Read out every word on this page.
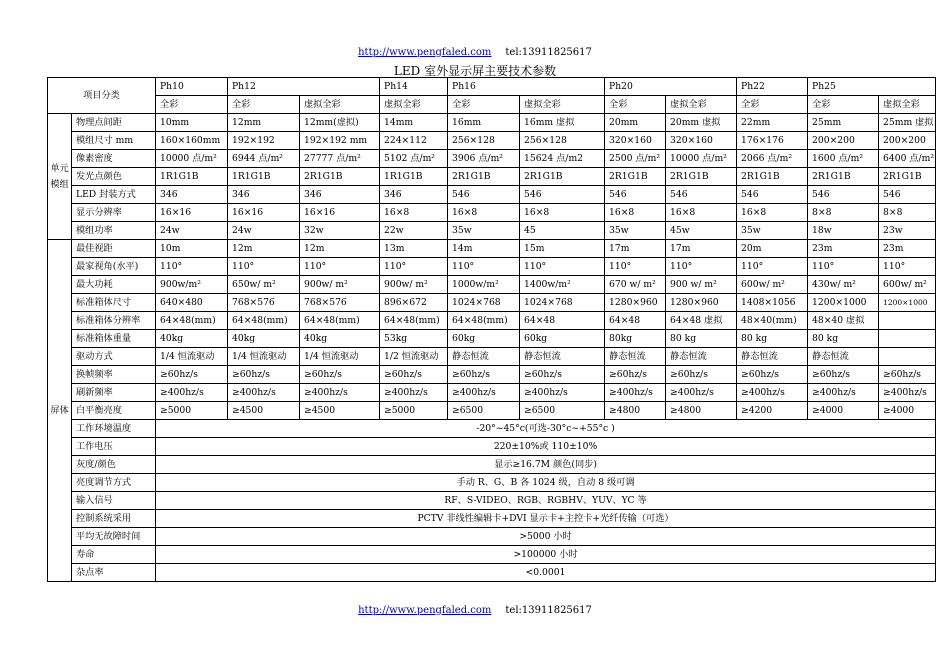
http://www.pengfaled.com tel:13911825617
LED 室外显示屏主要技术参数
项目分类		Ph10	Ph12		Ph14	Ph16		Ph20		Ph22	Ph25	
		全彩	全彩	虚拟全彩	虚拟全彩	全彩	虚拟全彩	全彩	虚拟全彩	全彩	全彩	虚拟全彩
单元模组	物理点间距	10mm	12mm	12mm(虚拟)	14mm	16mm	16mm 虚拟	20mm	20mm 虚拟	22mm	25mm	25mm 虚拟
	模组尺寸 mm	160×160mm	192×192	192×192 mm	224×112	256×128	256×128	320×160	320×160	176×176	200×200	200×200
	像素密度	10000 点/m²	6944 点/m²	27777 点/m²	5102 点/m²	3906 点/m²	15624 点/m2	2500 点/m²	10000 点/m²	2066 点/m²	1600 点/m²	6400 点/m²
	发光点颜色	1R1G1B	1R1G1B	2R1G1B	1R1G1B	2R1G1B	2R1G1B	2R1G1B	2R1G1B	2R1G1B	2R1G1B	2R1G1B
	LED 封装方式	346	346	346	346	546	546	546	546	546	546	546
	显示分辨率	16×16	16×16	16×16	16×8	16×8	16×8	16×8	16×8	16×8	8×8	8×8
	模组功率	24w	24w	32w	22w	35w	45	35w	45w	35w	18w	23w
屏体	最佳视距	10m	12m	12m	13m	14m	15m	17m	17m	20m	23m	23m
	最家视角(水平)	110°	110°	110°	110°	110°	110°	110°	110°	110°	110°	110°
	最大功耗	900w/m²	650w/ m²	900w/ m²	900w/ m²	1000w/m²	1400w/m²	670 w/ m²	900 w/ m²	600w/ m²	430w/ m²	600w/ m²
	标准箱体尺寸	640×480	768×576	768×576	896×672	1024×768	1024×768	1280×960	1280×960	1408×1056	1200×1000	1200×1000
	标准箱体分辨率	64×48(mm)	64×48(mm)	64×48(mm)	64×48(mm)	64×48(mm)	64×48	64×48	64×48 虚拟	48×40(mm)	48×40 虚拟	
	标准箱体重量	40kg	40kg	40kg	53kg	60kg	60kg	80kg	80 kg	80 kg	80 kg	
	驱动方式	1/4 恒流驱动	1/4 恒流驱动	1/4 恒流驱动	1/2 恒流驱动	静态恒流	静态恒流	静态恒流	静态恒流	静态恒流	静态恒流	
	换帧频率	≥60hz/s	≥60hz/s	≥60hz/s	≥60hz/s	≥60hz/s	≥60hz/s	≥60hz/s	≥60hz/s	≥60hz/s	≥60hz/s	≥60hz/s
	刷新频率	≥400hz/s	≥400hz/s	≥400hz/s	≥400hz/s	≥400hz/s	≥400hz/s	≥400hz/s	≥400hz/s	≥400hz/s	≥400hz/s	≥400hz/s
	白平衡亮度	≥5000	≥4500	≥4500	≥5000	≥6500	≥6500	≥4800	≥4800	≥4200	≥4000	≥4000
	工作环境温度	-20°~45°c(可选-30°c~+55°c )										
	工作电压	220±10%或 110±10%										
	灰度/颜色	显示≥16.7M 颜色(同步)										
	亮度调节方式	手动 R、G、B 各 1024 级，自动 8 级可调										
	输入信号	RF、S-VIDEO、RGB、RGBHV、YUV、YC 等										
	控制系统采用	PCTV 非线性编辑卡+DVI 显示卡+主控卡+光纤传输（可选）										
	平均无故障时间	>5000 小时										
	寿命	>100000 小时										
	杂点率	<0.0001										
http://www.pengfaled.com tel:13911825617
